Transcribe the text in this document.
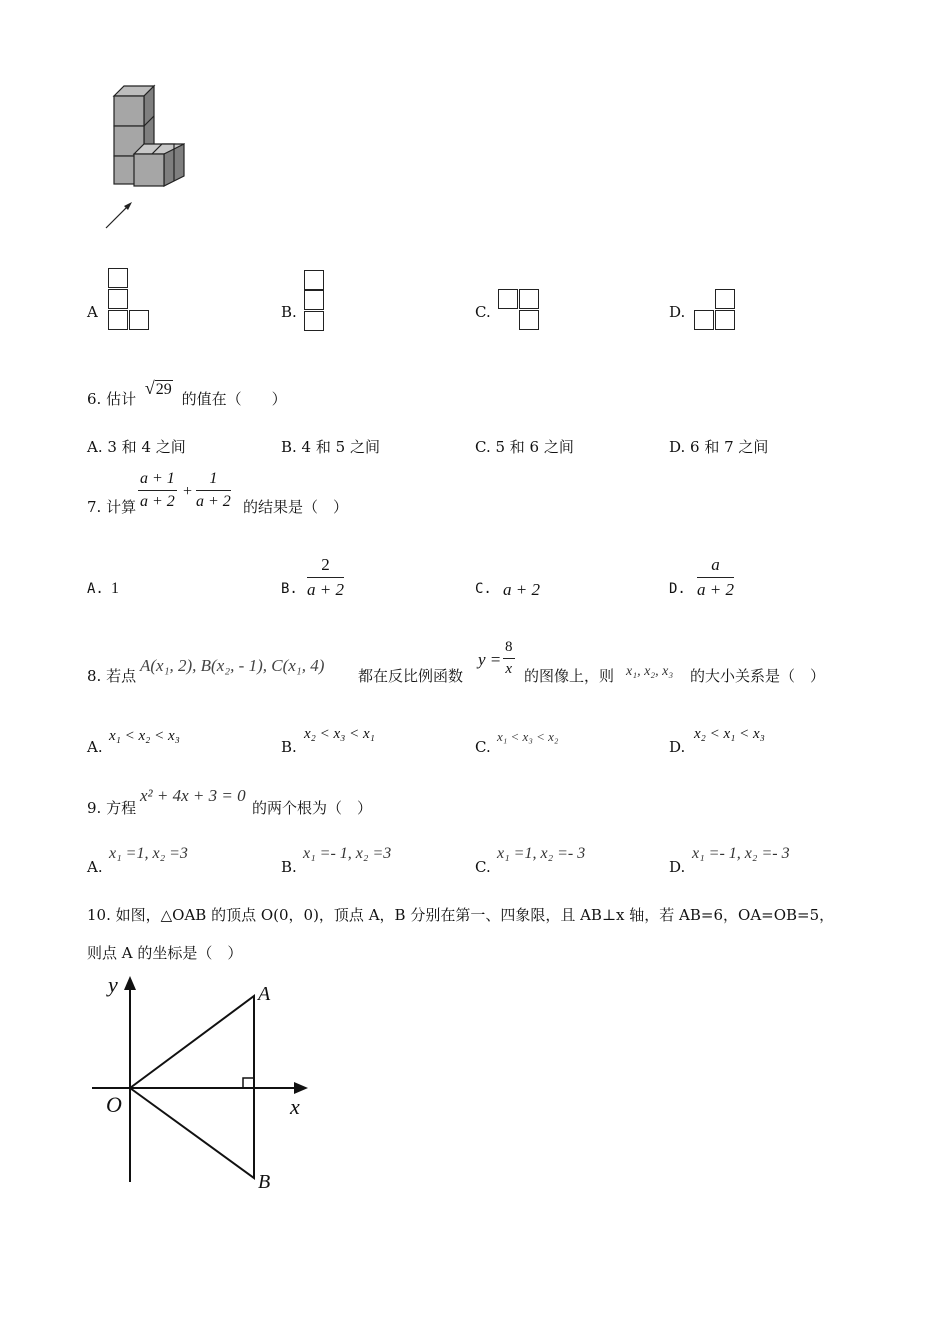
A	B.	C.	D.
6. 估计 √29 的值在（　　）
A. 3 和 4 之间	B. 4 和 5 之间	C. 5 和 6 之间	D. 6 和 7 之间
7. 计算 $\frac{a + 1}{a + 2} + \frac{1}{a + 2}$ 的结果是（　）
A. 1	B. $\frac{2}{a + 2}$	C. a + 2	D. $\frac{a}{a + 2}$
8. 若点
A(x₁, 2), B(x₂, - 1), C(x₁, 4)
都在反比例函数
$y = \frac{8}{x}$ 的图像上，则 x₁, x₂, x₃ 的大小关系是（　）
A.
x₁ < x₂ < x₃
B.
x₂ < x₃ < x₁
C.
x₁ < x₃ < x₂
D.
x₂ < x₁ < x₃
9. 方程
x² + 4x + 3 = 0
的两个根为（　）
A.
x₁ =1, x₂ =3
B.
x₁ =- 1, x₂ =3
C.
x₁ =1, x₂ =- 3
D.
x₁ =- 1, x₂ =- 3
10. 如图，△OAB 的顶点 O(0，0)，顶点 A，B 分别在第一、四象限，且 AB⊥x 轴，若 AB=6，OA=OB=5，
则点 A 的坐标是（　）
y
x
O
A
B
